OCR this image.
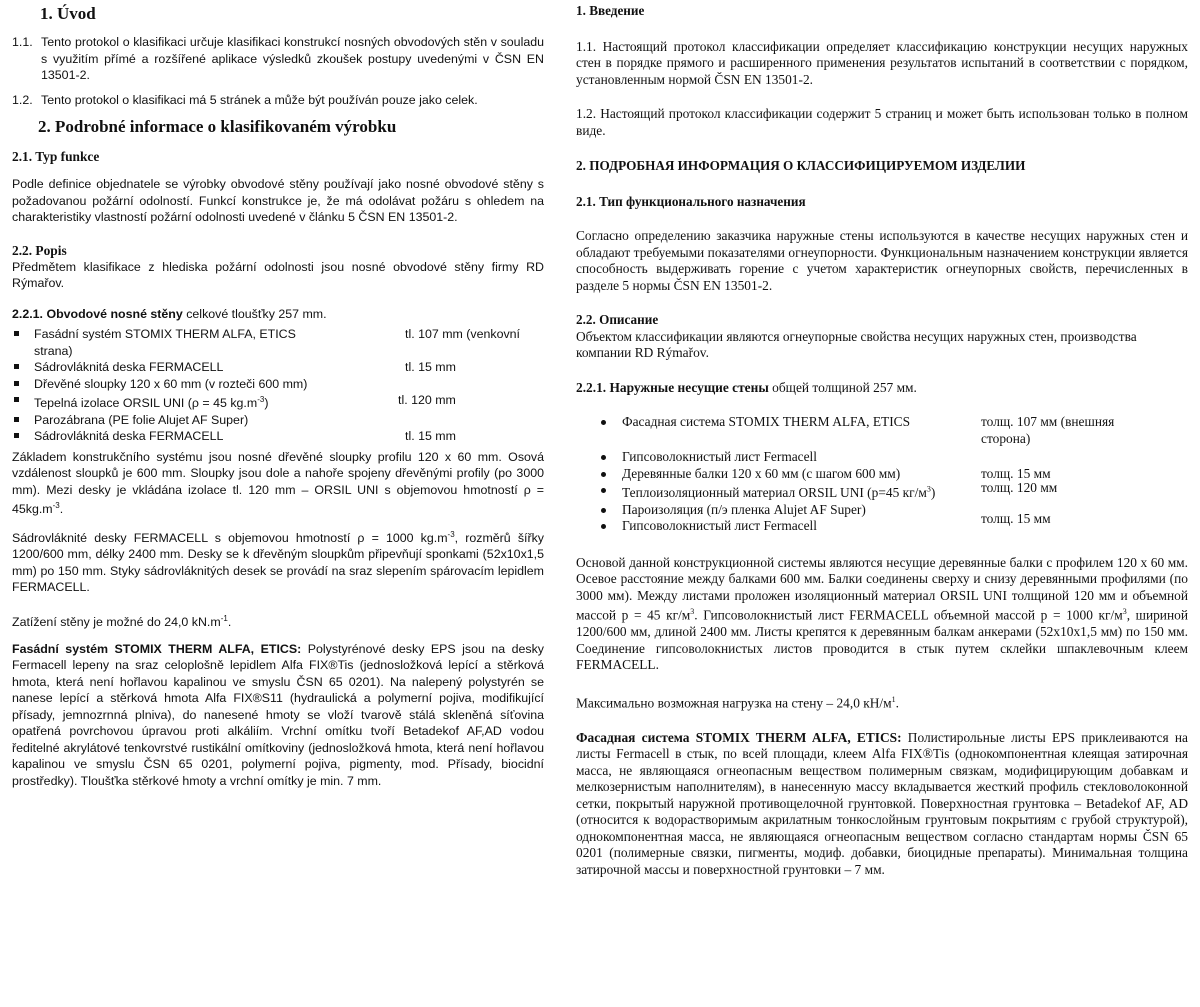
1. Úvod

1.1. Tento protokol o klasifikaci určuje klasifikaci konstrukcí nosných obvodových stěn v souladu s využitím přímé a rozšířené aplikace výsledků zkoušek postupy uvedenými v ČSN EN 13501-2.
1.2. Tento protokol o klasifikaci má 5 stránek a může být používán pouze jako celek.

2. Podrobné informace o klasifikovaném výrobku

2.1. Typ funkce

Podle definice objednatele se výrobky obvodové stěny používají jako nosné obvodové stěny s požadovanou požární odolností. Funkcí konstrukce je, že má odolávat požáru s ohledem na charakteristiky vlastností požární odolnosti uvedené v článku 5 ČSN EN 13501-2.

2.2. Popis

Předmětem klasifikace z hlediska požární odolnosti jsou nosné obvodové stěny firmy RD Rýmařov.

2.2.1. Obvodové nosné stěny celkové tloušťky 257 mm.

Fasádní systém STOMIX THERM ALFA, ETICS	tl. 107 mm (venkovní
strana)
Sádrovláknitá deska FERMACELL	tl. 15 mm
Dřevěné sloupky 120 x 60 mm (v rozteči 600 mm)
Tepelná izolace ORSIL UNI (ρ = 45 $kg.m^{-3}$)	tl. 120 mm
Parozábrana (PE folie Alujet AF Super)
Sádrovláknitá deska FERMACELL	tl. 15 mm

Základem konstrukčního systému jsou nosné dřevěné sloupky profilu 120 x 60 mm. Osová vzdálenost sloupků je 600 mm. Sloupky jsou dole a nahoře spojeny dřevěnými profily (po 3000 mm). Mezi desky je vkládána izolace tl. 120 mm – ORSIL UNI s objemovou hmotností $\rho = 45kg.m^{-3}$.

Sádrovláknité desky FERMACELL s objemovou hmotností ρ = 1000 $kg.m^{-3}$, rozměrů šířky 1200/600 mm, délky 2400 mm. Desky se k dřevěným sloupkům připevňují sponkami (52x10x1,5 mm) po 150 mm. Styky sádrovláknitých desek se provádí na sraz slepením spárovacím lepidlem FERMACELL.

Zatížení stěny je možné do 24,0 $kN.m^{-1}$.

Fasádní systém STOMIX THERM ALFA, ETICS: Polystyrénové desky EPS jsou na desky Fermacell lepeny na sraz celoplošně lepidlem Alfa FIX®Tis (jednosložková lepící a stěrková hmota, která není hořlavou kapalinou ve smyslu ČSN 65 0201). Na nalepený polystyrén se nanese lepící a stěrková hmota Alfa FIX®S11 (hydraulická a polymerní pojiva, modifikující přísady, jemnozrnná plniva), do nanesené hmoty se vloží tvarově stálá skleněná síťovina opatřená povrchovou úpravou proti alkáliím. Vrchní omítku tvoří Betadekof AF,AD vodou ředitelné akrylátové tenkovrstvé rustikální omítkoviny (jednosložková hmota, která není hořlavou kapalinou ve smyslu ČSN 65 0201, polymerní pojiva, pigmenty, mod. Přísady, biocidní prostředky). Tloušťka stěrkové hmoty a vrchní omítky je min. 7 mm.

1. Введение

1.1. Настоящий протокол классификации определяет классификацию конструкции несущих наружных стен в порядке прямого и расширенного применения результатов испытаний в соответствии с порядком, установленным нормой ČSN EN 13501-2.

1.2. Настоящий протокол классификации содержит 5 страниц и может быть использован только в полном виде.

2. ПОДРОБНАЯ ИНФОРМАЦИЯ О КЛАССИФИЦИРУЕМОМ ИЗДЕЛИИ

2.1. Тип функционального назначения

Согласно определению заказчика наружные стены используются в качестве несущих наружных стен и обладают требуемыми показателями огнеупорности. Функциональным назначением конструкции является способность выдерживать горение с учетом характеристик огнеупорных свойств, перечисленных в разделе 5 нормы ČSN EN 13501-2.

2.2. Описание

Объектом классификации являются огнеупорные свойства несущих наружных стен, производства компании RD Rýmařov.

2.2.1. Наружные несущие стены общей толщиной 257 мм.

Фасадная система STOMIX THERM ALFA, ETICS	толщ. 107 мм (внешняя сторона)
Гипсоволокнистый лист Fermacell
Деревянные балки 120 x 60 мм (с шагом 600 мм)	толщ. 15 мм
Теплоизоляционный материал ORSIL UNI (p=45 $кг/м^3$)	толщ. 120 мм
Пароизоляция (п/э пленка Alujet AF Super)
Гипсоволокнистый лист Fermacell	толщ. 15 мм

Основой данной конструкционной системы являются несущие деревянные балки с профилем 120 x 60 мм. Осевое расстояние между балками 600 мм. Балки соединены сверху и снизу деревянными профилями (по 3000 мм). Между листами проложен изоляционный материал ORSIL UNI толщиной 120 мм и объемной массой p = 45 $кг/м^3$. Гипсоволокнистый лист FERMACELL объемной массой p = 1000 $кг/м^3$, шириной 1200/600 мм, длиной 2400 мм. Листы крепятся к деревянным балкам анкерами (52x10x1,5 мм) по 150 мм. Соединение гипсоволокнистых листов проводится в стык путем склейки шпаклевочным клеем FERMACELL.

Максимально возможная нагрузка на стену – 24,0 $кН/м^1$.

Фасадная система STOMIX THERM ALFA, ETICS: Полистирольные листы EPS приклеиваются на листы Fermacell в стык, по всей площади, клеем Alfa FIX®Tis (однокомпонентная клеящая затирочная масса, не являющаяся огнеопасным веществом полимерным связкам, модифицирующим добавкам и мелкозернистым наполнителям), в нанесенную массу вкладывается жесткий профиль стекловолоконной сетки, покрытый наружной противощелочной грунтовкой. Поверхностная грунтовка – Betadekof AF, AD (относится к водорастворимым акрилатным тонкослойным грунтовым покрытиям с грубой структурой), однокомпонентная масса, не являющаяся огнеопасным веществом согласно стандартам нормы ČSN 65 0201 (полимерные связки, пигменты, модиф. добавки, биоцидные препараты). Минимальная толщина затирочной массы и поверхностной грунтовки – 7 мм.
